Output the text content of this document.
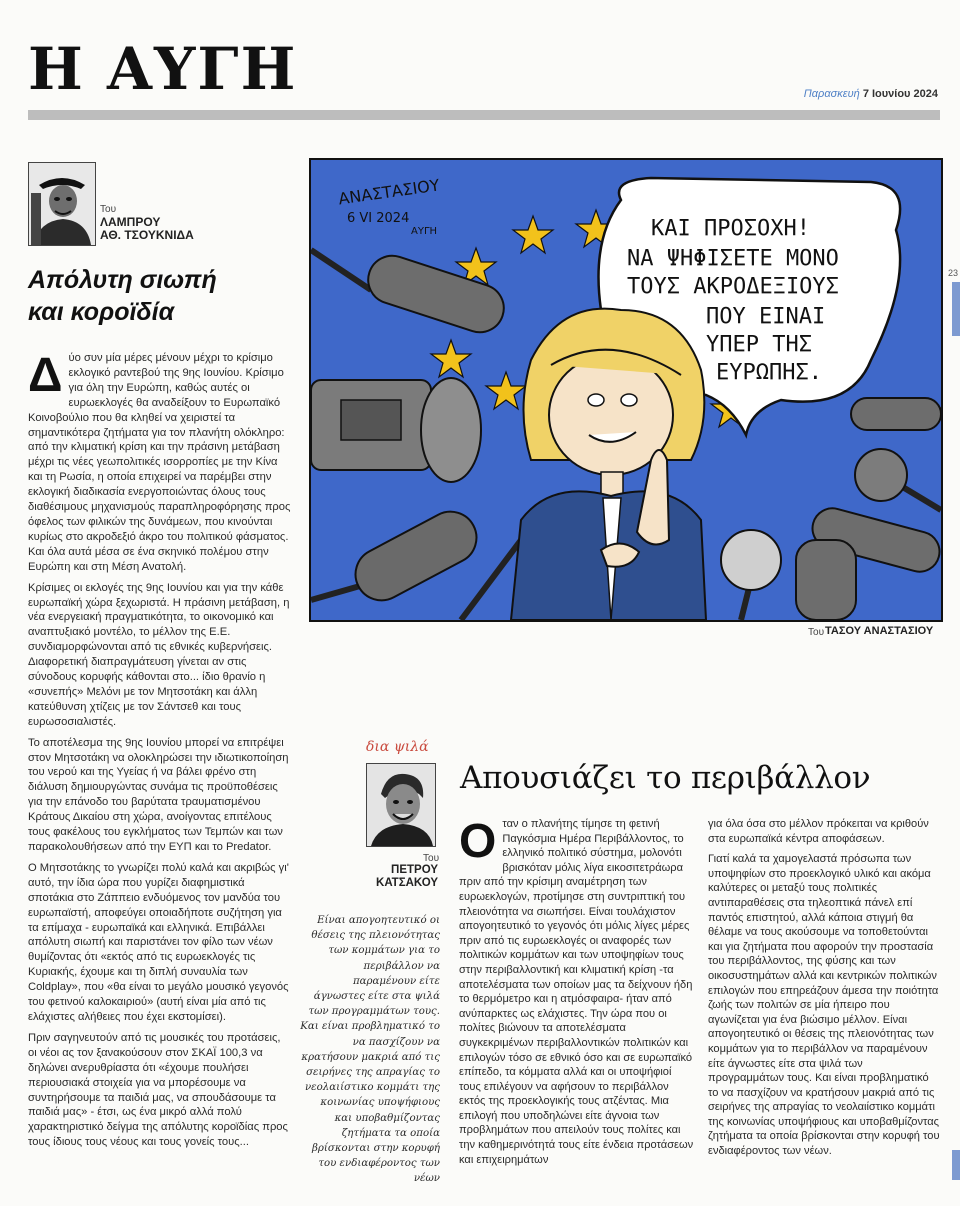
Η ΑΥΓΗ	Παρασκευή 7 Ιουνίου 2024
23
Του
ΛΑΜΠΡΟΥ
ΑΘ. ΤΣΟΥΚΝΙΔΑ
Απόλυτη σιωπή
και κοροϊδία

Δύο συν μία μέρες μένουν μέχρι το κρίσιμο εκλογικό ραντεβού της 9ης Ιουνίου. Κρίσιμο για όλη την Ευρώπη, καθώς αυτές οι ευρωεκλογές θα αναδείξουν το Ευρωπαϊκό Κοινοβούλιο που θα κληθεί να χειριστεί τα σημαντικότερα ζητήματα για τον πλανήτη ολόκληρο: από την κλιματική κρίση και την πράσινη μετάβαση μέχρι τις νέες γεωπολιτικές ισορροπίες με την Κίνα και τη Ρωσία, η οποία επιχειρεί να παρέμβει στην εκλογική διαδικασία ενεργοποιώντας όλους τους διαθέσιμους μηχανισμούς παραπληροφόρησης προς όφελος των φιλικών της δυνάμεων, που κινούνται κυρίως στο ακροδεξιό άκρο του πολιτικού φάσματος. Και όλα αυτά μέσα σε ένα σκηνικό πολέμου στην Ευρώπη και στη Μέση Ανατολή.

Κρίσιμες οι εκλογές της 9ης Ιουνίου και για την κάθε ευρωπαϊκή χώρα ξεχωριστά. Η πράσινη μετάβαση, η νέα ενεργειακή πραγματικότητα, το οικονομικό και αναπτυξιακό μοντέλο, το μέλλον της Ε.Ε. συνδιαμορφώνονται από τις εθνικές κυβερνήσεις. Διαφορετική διαπραγμάτευση γίνεται αν στις σύνοδους κορυφής κάθονται στο... ίδιο θρανίο η «συνεπής» Μελόνι με τον Μητσοτάκη και άλλη κατεύθυνση χτίζεις με τον Σάντσεθ και τους ευρωσοσιαλιστές.

Το αποτέλεσμα της 9ης Ιουνίου μπορεί να επιτρέψει στον Μητσοτάκη να ολοκληρώσει την ιδιωτικοποίηση του νερού και της Υγείας ή να βάλει φρένο στη διάλυση δημιουργώντας συνάμα τις προϋποθέσεις για την επάνοδο του βαρύτατα τραυματισμένου Κράτους Δικαίου στη χώρα, ανοίγοντας επιτέλους τους φακέλους του εγκλήματος των Τεμπών και των παρακολουθήσεων από την ΕΥΠ και το Predator.

Ο Μητσοτάκης το γνωρίζει πολύ καλά και ακριβώς γι' αυτό, την ίδια ώρα που γυρίζει διαφημιστικά σποτάκια στο Ζάππειο ενδυόμενος τον μανδύα του ευρωπαϊστή, αποφεύγει οποιαδήποτε συζήτηση για τα επίμαχα - ευρωπαϊκά και ελληνικά. Επιβάλλει απόλυτη σιωπή και παριστάνει τον φίλο των νέων θυμίζοντας ότι «εκτός από τις ευρωεκλογές τις Κυριακής, έχουμε και τη διπλή συναυλία των Coldplay», που «θα είναι το μεγάλο μουσικό γεγονός του φετινού καλοκαιριού» (αυτή είναι μία από τις ελάχιστες αλήθειες που έχει εκστομίσει).

Πριν σαγηνευτούν από τις μουσικές του προτάσεις, οι νέοι ας τον ξανακούσουν στον ΣΚΑΪ 100,3 να δηλώνει ανερυθρίαστα ότι «έχουμε πουλήσει περιουσιακά στοιχεία για να μπορέσουμε να συντηρήσουμε τα παιδιά μας, να σπουδάσουμε τα παιδιά μας» - έτσι, ως ένα μικρό αλλά πολύ χαρακτηριστικό δείγμα της απόλυτης κοροϊδίας προς τους ίδιους τους νέους και τους γονείς τους...

ΚΑΙ ΠΡΟΣΟΧΗ!
ΝΑ ΨΗΦΙΣΕΤΕ ΜΟΝΟ
ΤΟΥΣ ΑΚΡΟΔΕΞΙΟΥΣ
ΠΟΥ ΕΙΝΑΙ
ΥΠΕΡ ΤΗΣ
ΕΥΡΩΠΗΣ.
ΑΝΑΣΤΑΣΙΟΥ
6 VI 2024
ΑΥΓΗ
Του ΤΑΣΟΥ ΑΝΑΣΤΑΣΙΟΥ
δια ψιλά
Του
ΠΕΤΡΟΥ
ΚΑΤΣΑΚΟΥ
Απουσιάζει το περιβάλλον
Είναι απογοητευτικό οι θέσεις της πλειονότητας των κομμάτων για το περιβάλλον να παραμένουν είτε άγνωστες είτε στα ψιλά των προγραμμάτων τους. Και είναι προβληματικό το να πασχίζουν να κρατήσουν μακριά από τις σειρήνες της απραγίας το νεολαιίστικο κομμάτι της κοινωνίας υποψήφιους και υποβαθμίζοντας ζητήματα τα οποία βρίσκονται στην κορυφή του ενδιαφέροντος των νέων

Οταν ο πλανήτης τίμησε τη φετινή Παγκόσμια Ημέρα Περιβάλλοντος, το ελληνικό πολιτικό σύστημα, μολονότι βρισκόταν μόλις λίγα εικοσιτετράωρα πριν από την κρίσιμη αναμέτρηση των ευρωεκλογών, προτίμησε στη συντριπτική του πλειονότητα να σιωπήσει. Είναι τουλάχιστον απογοητευτικό το γεγονός ότι μόλις λίγες μέρες πριν από τις ευρωεκλογές οι αναφορές των πολιτικών κομμάτων και των υποψηφίων τους στην περιβαλλοντική και κλιματική κρίση -τα αποτελέσματα των οποίων μας τα δείχνουν ήδη το θερμόμετρο και η ατμόσφαιρα- ήταν από ανύπαρκτες ως ελάχιστες. Την ώρα που οι πολίτες βιώνουν τα αποτελέσματα συγκεκριμένων περιβαλλοντικών πολιτικών και επιλογών τόσο σε εθνικό όσο και σε ευρωπαϊκό επίπεδο, τα κόμματα αλλά και οι υποψήφιοί τους επιλέγουν να αφήσουν το περιβάλλον εκτός της προεκλογικής τους ατζέντας. Μια επιλογή που υποδηλώνει είτε άγνοια των προβλημάτων που απειλούν τους πολίτες και την καθημερινότητά τους είτε ένδεια προτάσεων και επιχειρημάτων

για όλα όσα στο μέλλον πρόκειται να κριθούν στα ευρωπαϊκά κέντρα αποφάσεων.

Γιατί καλά τα χαμογελαστά πρόσωπα των υποψηφίων στο προεκλογικό υλικό και ακόμα καλύτερες οι μεταξύ τους πολιτικές αντιπαραθέσεις στα τηλεοπτικά πάνελ επί παντός επιστητού, αλλά κάποια στιγμή θα θέλαμε να τους ακούσουμε να τοποθετούνται και για ζητήματα που αφορούν την προστασία του περιβάλλοντος, της φύσης και των οικοσυστημάτων αλλά και κεντρικών πολιτικών επιλογών που επηρεάζουν άμεσα την ποιότητα ζωής των πολιτών σε μία ήπειρο που αγωνίζεται για ένα βιώσιμο μέλλον. Είναι απογοητευτικό οι θέσεις της πλειονότητας των κομμάτων για το περιβάλλον να παραμένουν είτε άγνωστες είτε στα ψιλά των προγραμμάτων τους. Και είναι προβληματικό το να πασχίζουν να κρατήσουν μακριά από τις σειρήνες της απραγίας το νεολαιίστικο κομμάτι της κοινωνίας υποψήφιους και υποβαθμίζοντας ζητήματα τα οποία βρίσκονται στην κορυφή του ενδιαφέροντος των νέων.
